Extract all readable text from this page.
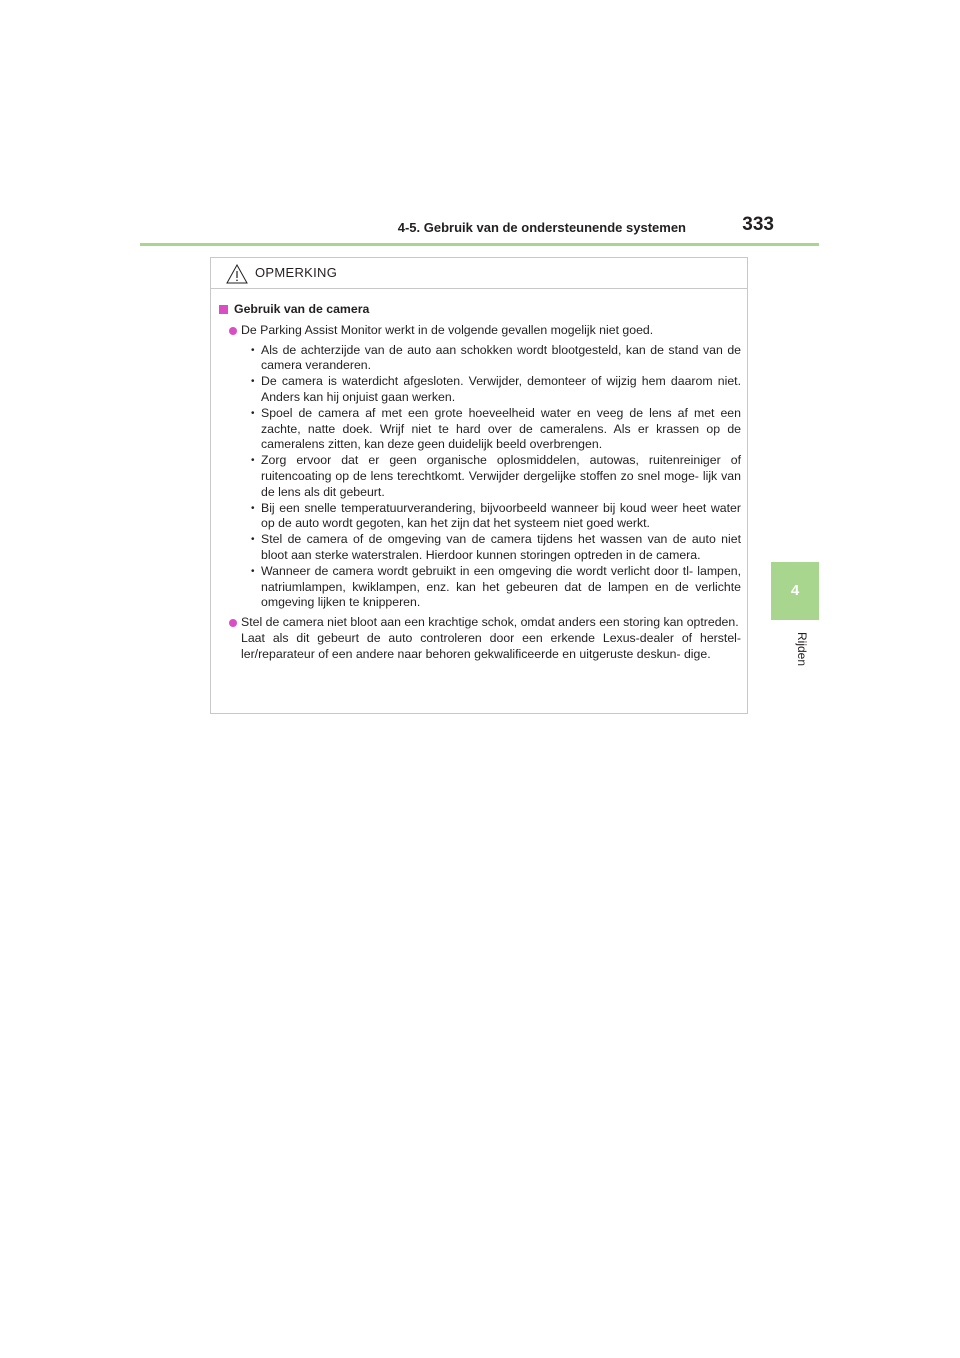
4-5. Gebruik van de ondersteunende systemen	333
4
Rijden
OPMERKING
Gebruik van de camera
De Parking Assist Monitor werkt in de volgende gevallen mogelijk niet goed.
• Als de achterzijde van de auto aan schokken wordt blootgesteld, kan de stand van de camera veranderen.
• De camera is waterdicht afgesloten. Verwijder, demonteer of wijzig hem daarom niet. Anders kan hij onjuist gaan werken.
• Spoel de camera af met een grote hoeveelheid water en veeg de lens af met een zachte, natte doek. Wrijf niet te hard over de cameralens. Als er krassen op de cameralens zitten, kan deze geen duidelijk beeld overbrengen.
• Zorg ervoor dat er geen organische oplosmiddelen, autowas, ruitenreiniger of ruitencoating op de lens terechtkomt. Verwijder dergelijke stoffen zo snel moge- lijk van de lens als dit gebeurt.
• Bij een snelle temperatuurverandering, bijvoorbeeld wanneer bij koud weer heet water op de auto wordt gegoten, kan het zijn dat het systeem niet goed werkt.
• Stel de camera of de omgeving van de camera tijdens het wassen van de auto niet bloot aan sterke waterstralen. Hierdoor kunnen storingen optreden in de camera.
• Wanneer de camera wordt gebruikt in een omgeving die wordt verlicht door tl- lampen, natriumlampen, kwiklampen, enz. kan het gebeuren dat de lampen en de verlichte omgeving lijken te knipperen.
Stel de camera niet bloot aan een krachtige schok, omdat anders een storing kan optreden.
Laat als dit gebeurt de auto controleren door een erkende Lexus-dealer of herstel- ler/reparateur of een andere naar behoren gekwalificeerde en uitgeruste deskun- dige.
